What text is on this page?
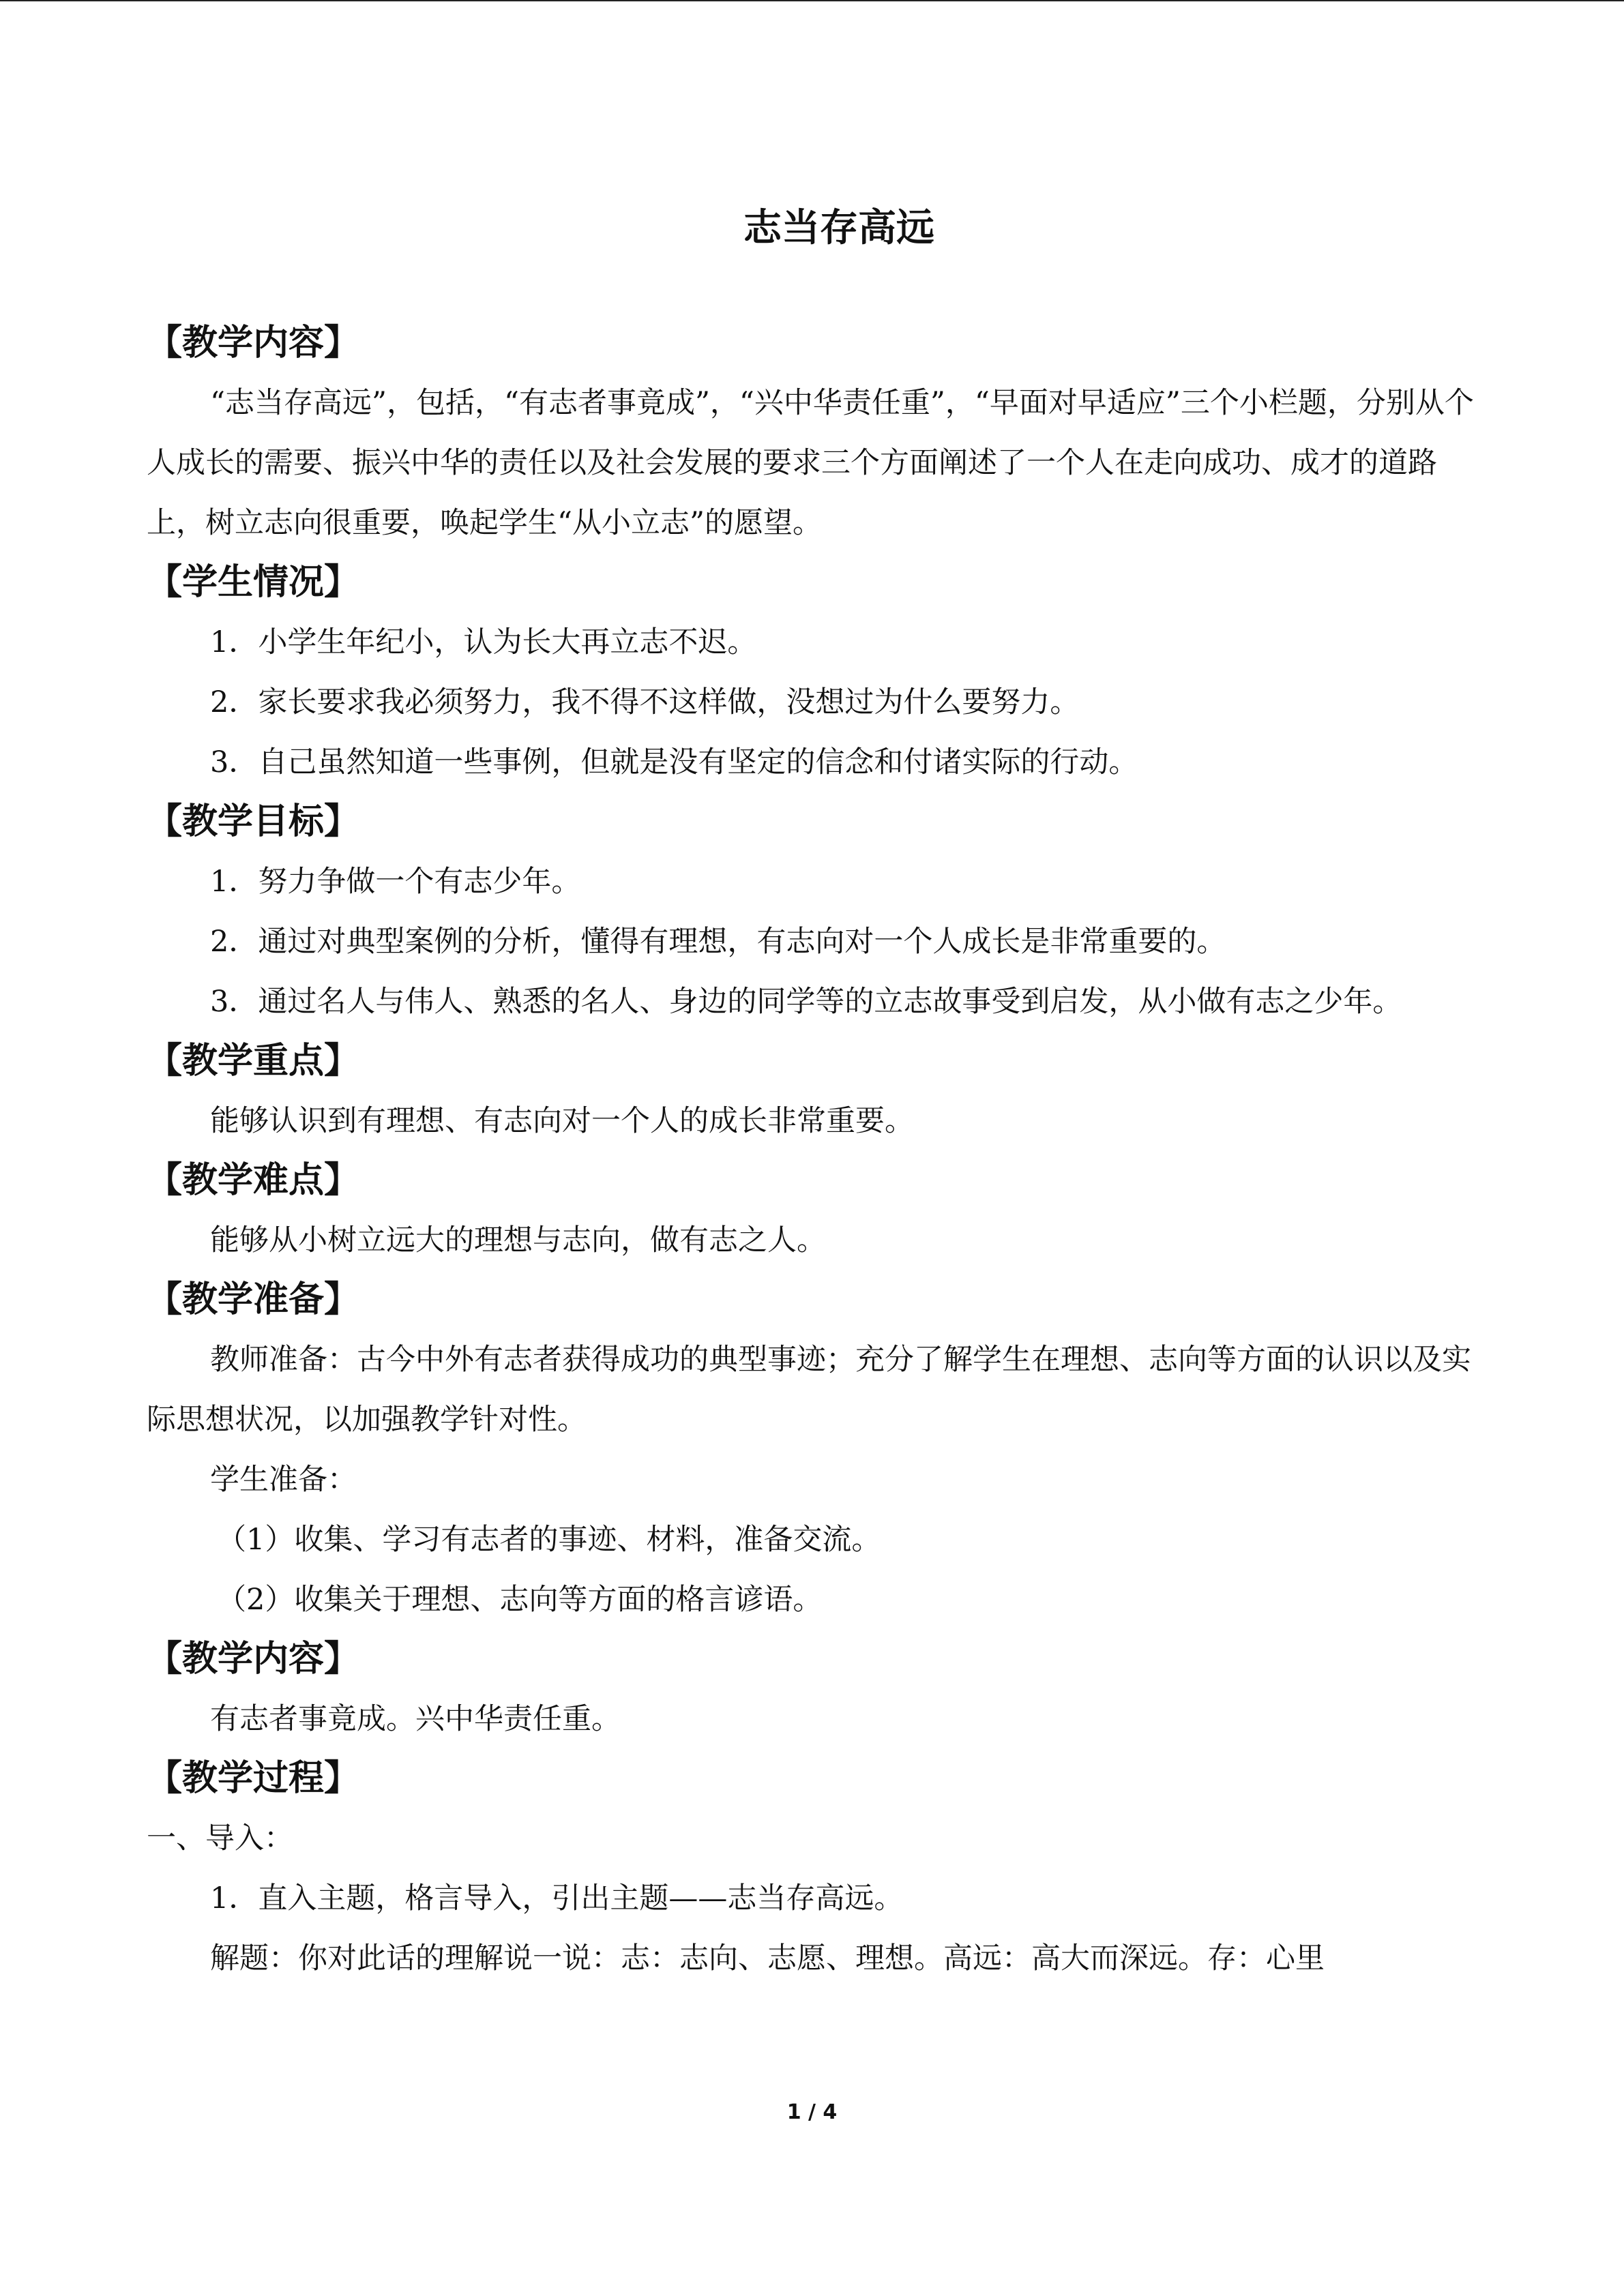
志当存高远
【教学内容】

“志当存高远”，包括，“有志者事竟成”，“兴中华责任重”，“早面对早适应”三个小栏题，分别从个人成长的需要、振兴中华的责任以及社会发展的要求三个方面阐述了一个人在走向成功、成才的道路上，树立志向很重要，唤起学生“从小立志”的愿望。

【学生情况】

1．小学生年纪小，认为长大再立志不迟。

2．家长要求我必须努力，我不得不这样做，没想过为什么要努力。

3．自己虽然知道一些事例，但就是没有坚定的信念和付诸实际的行动。

【教学目标】

1．努力争做一个有志少年。

2．通过对典型案例的分析，懂得有理想，有志向对一个人成长是非常重要的。

3．通过名人与伟人、熟悉的名人、身边的同学等的立志故事受到启发，从小做有志之少年。

【教学重点】

能够认识到有理想、有志向对一个人的成长非常重要。

【教学难点】

能够从小树立远大的理想与志向，做有志之人。

【教学准备】

教师准备：古今中外有志者获得成功的典型事迹；充分了解学生在理想、志向等方面的认识以及实际思想状况，以加强教学针对性。

学生准备：

（1）收集、学习有志者的事迹、材料，准备交流。

（2）收集关于理想、志向等方面的格言谚语。

【教学内容】

有志者事竟成。兴中华责任重。

【教学过程】

一、导入：

1．直入主题，格言导入，引出主题——志当存高远。

解题：你对此话的理解说一说：志：志向、志愿、理想。高远：高大而深远。存：心里

1 / 4
